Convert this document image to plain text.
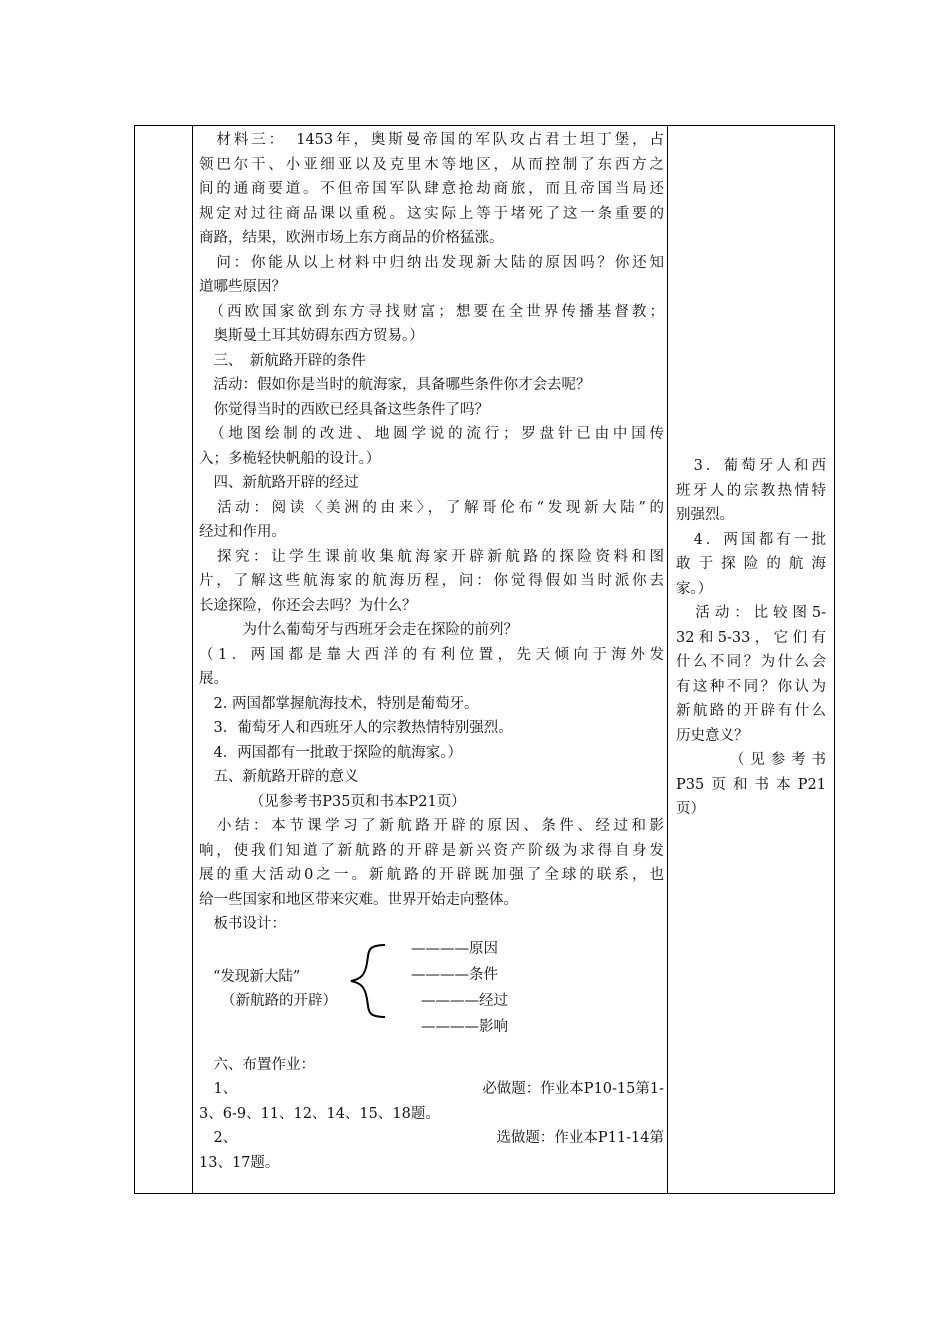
　材料三：　1453年，奥斯曼帝国的军队攻占君士坦丁堡，占

领巴尔干、小亚细亚以及克里木等地区，从而控制了东西方之

间的通商要道。不但帝国军队肆意抢劫商旅，而且帝国当局还

规定对过往商品课以重税。这实际上等于堵死了这一条重要的

商路，结果，欧洲市场上东方商品的价格猛涨。

　问：你能从以上材料中归纳出发现新大陆的原因吗？你还知

道哪些原因？

　（西欧国家欲到东方寻找财富；想要在全世界传播基督教；

　奥斯曼土耳其妨碍东西方贸易。）

　三、　新航路开辟的条件

　活动：假如你是当时的航海家，具备哪些条件你才会去呢？

　你觉得当时的西欧已经具备这些条件了吗？

　（地图绘制的改进、地圆学说的流行；罗盘针已由中国传

入；多桅轻快帆船的设计。）

　四、新航路开辟的经过

　活动：阅读〈美洲的由来〉，了解哥伦布“发现新大陆”的

经过和作用。

　探究：让学生课前收集航海家开辟新航路的探险资料和图

片，了解这些航海家的航海历程，问：你觉得假如当时派你去

长途探险，你还会去吗？为什么？

　　　为什么葡萄牙与西班牙会走在探险的前列？

（1．两国都是靠大西洋的有利位置，先天倾向于海外发

展。

　2. 两国都掌握航海技术，特别是葡萄牙。

　3．葡萄牙人和西班牙人的宗教热情特别强烈。

　4．两国都有一批敢于探险的航海家。）

　五、新航路开辟的意义

　　　　（见参考书P35页和书本P21页）

　小结：本节课学习了新航路开辟的原因、条件、经过和影

响，使我们知道了新航路的开辟是新兴资产阶级为求得自身发

展的重大活动0之一。新航路的开辟既加强了全球的联系，也

给一些国家和地区带来灾难。世界开始走向整体。

　板书设计：

“发现新大陆”
（新航路的开辟）
————原因
————条件
————经过
————影响

　六、布置作业：

　1、	必做题：作业本P10-15第1-

3、6-9、11、12、14、15、18题。

　2、	选做题：作业本P11-14第

13、17题。

　3．葡萄牙人和西

班牙人的宗教热情特

别强烈。

　4．两国都有一批

敢于探险的航海

家。）

　活动：比较图5-

32和5-33，它们有

什么不同？为什么会

有这种不同？你认为

新航路的开辟有什么

历史意义？

　　　（见参考书

P35页和书本P21

页）
